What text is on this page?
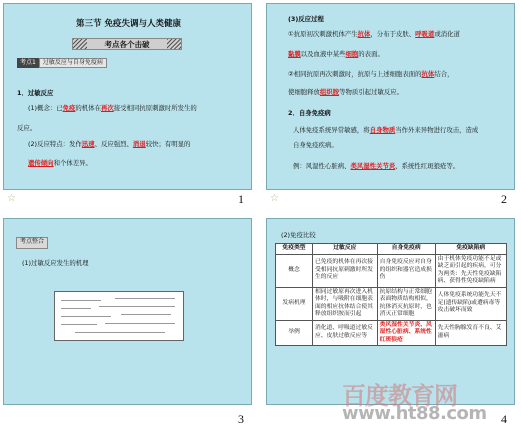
第三节 免疫失调与人类健康
考点各个击破
考点1	过敏反应与自身免疫病
1．过敏反应
(1)概念：已免疫的机体在再次接受相同抗原刺激时所发生的
反应。
(2)反应特点：发作迅速、反应强烈、消退较快；有明显的
遗传倾向和个体差异。
☆	1
(3)反应过程
①抗原初次刺激机体产生抗体，分布于皮肤、呼吸道或消化道
黏膜以及血液中某些细胞的表面。
②相同抗原再次刺激时，抗原与上述细胞表面的抗体结合，
使细胞释放组织胺等物质引起过敏反应。
2．自身免疫病
人体免疫系统异常敏感，将自身物质当作外来异物进行攻击，造成
自身免疫疾病。
例：风湿性心脏病、类风湿性关节炎、系统性红斑狼疮等。
☆	2
考点整合
(1)过敏反应发生的机理
3
(2)免疫比较
免疫类型	过敏反应	自身免疫病	免疫缺陷病
概念	已免疫的机体在再次接受相同抗原刺激时所发生的反应	自身免疫反应对自身的组织和器官造成损伤	由于机体免疫功能不足或缺乏而引起的疾病，可分为两类：先天性免疫缺陷病、获得性免疫缺陷病
发病机理	相同过敏原再次进入机体时，与吸附在细胞表面的相应抗体结合使其释放组织胺而引起	抗原结构与正常细胞表面物质结构相似，抗体消灭抗原时，也消灭正常细胞	人体免疫系统功能先天不足(遗传缺陷)或遭病毒等攻击破坏而致
举例	消化道、呼吸道过敏反应、皮肤过敏反应等	类风湿性关节炎、风湿性心脏病、系统性红斑狼疮	先天性胸腺发育不良、艾滋病
4
百度教育网
www.ht88.com
